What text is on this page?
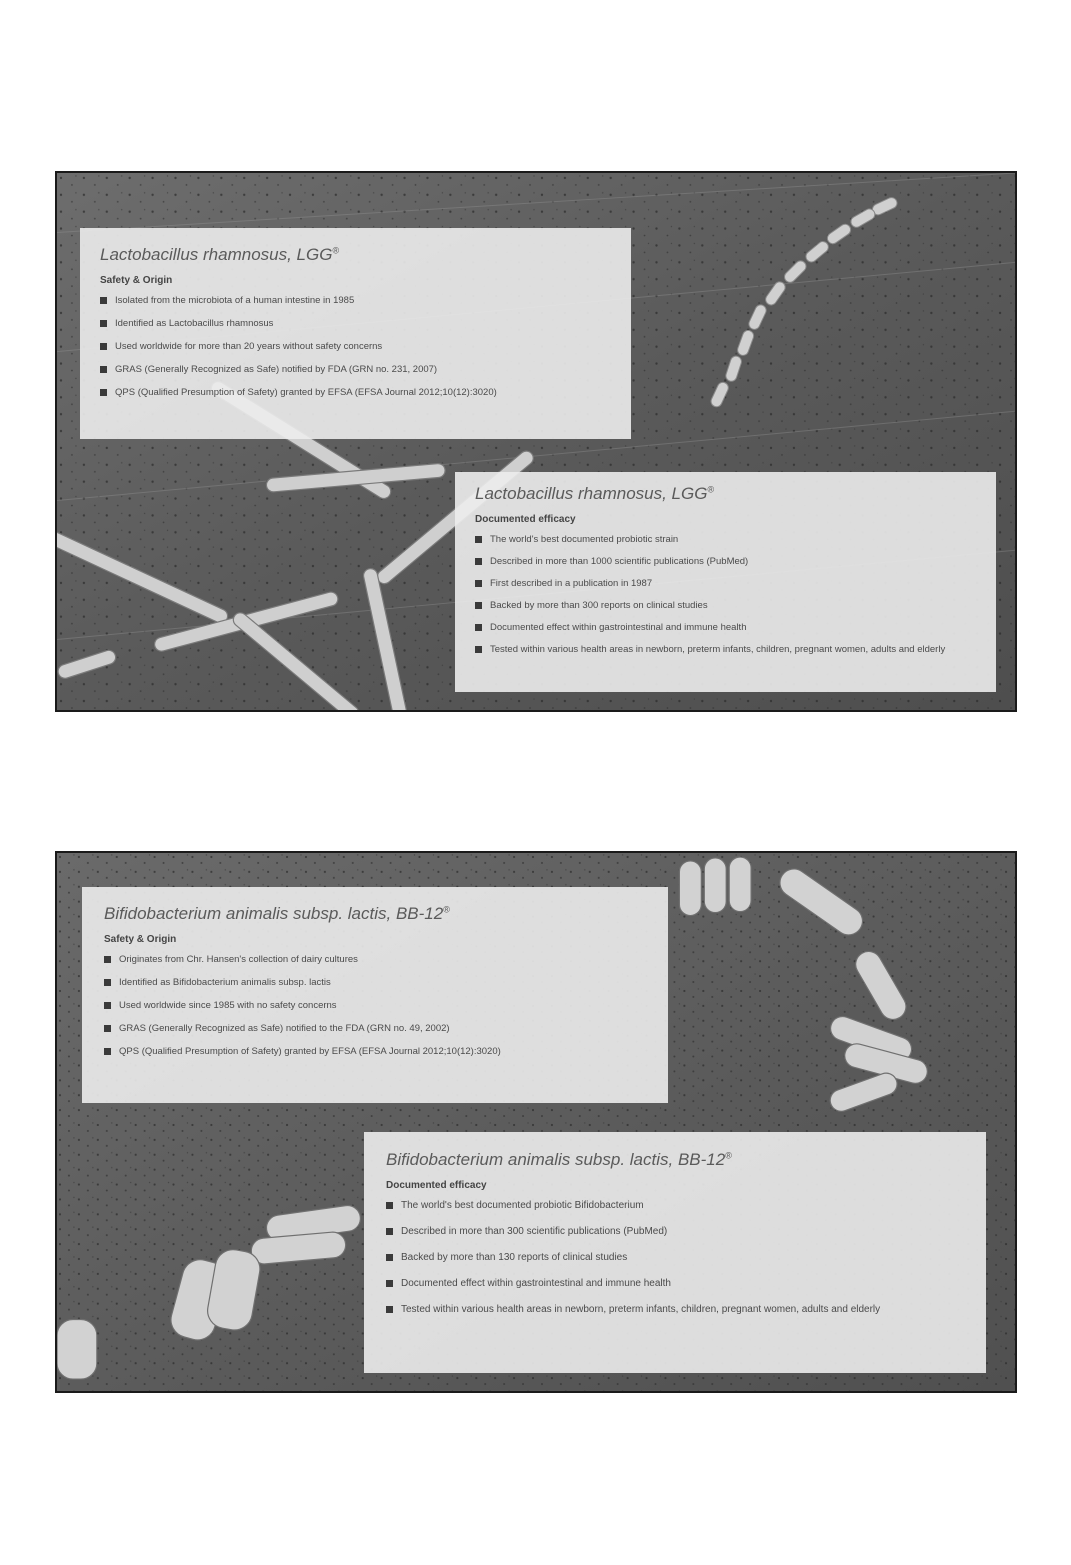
Lactobacillus rhamnosus, LGG®
Safety & Origin
Isolated from the microbiota of a human intestine in 1985
Identified as Lactobacillus rhamnosus
Used worldwide for more than 20 years without safety concerns
GRAS (Generally Recognized as Safe) notified by FDA (GRN no. 231, 2007)
QPS (Qualified Presumption of Safety) granted by EFSA (EFSA Journal 2012;10(12):3020)
Lactobacillus rhamnosus, LGG®
Documented efficacy
The world's best documented probiotic strain
Described in more than 1000 scientific publications (PubMed)
First described in a publication in 1987
Backed by more than 300 reports on clinical studies
Documented effect within gastrointestinal and immune health
Tested within various health areas in newborn, preterm infants, children, pregnant women, adults and elderly
Bifidobacterium animalis subsp. lactis, BB-12®
Safety & Origin
Originates from Chr. Hansen's collection of dairy cultures
Identified as Bifidobacterium animalis subsp. lactis
Used worldwide since 1985 with no safety concerns
GRAS (Generally Recognized as Safe) notified to the FDA (GRN no. 49, 2002)
QPS (Qualified Presumption of Safety) granted by EFSA (EFSA Journal 2012;10(12):3020)
Bifidobacterium animalis subsp. lactis, BB-12®
Documented efficacy
The world's best documented probiotic Bifidobacterium
Described in more than 300 scientific publications (PubMed)
Backed by more than 130 reports of clinical studies
Documented effect within gastrointestinal and immune health
Tested within various health areas in newborn, preterm infants, children, pregnant women, adults and elderly
